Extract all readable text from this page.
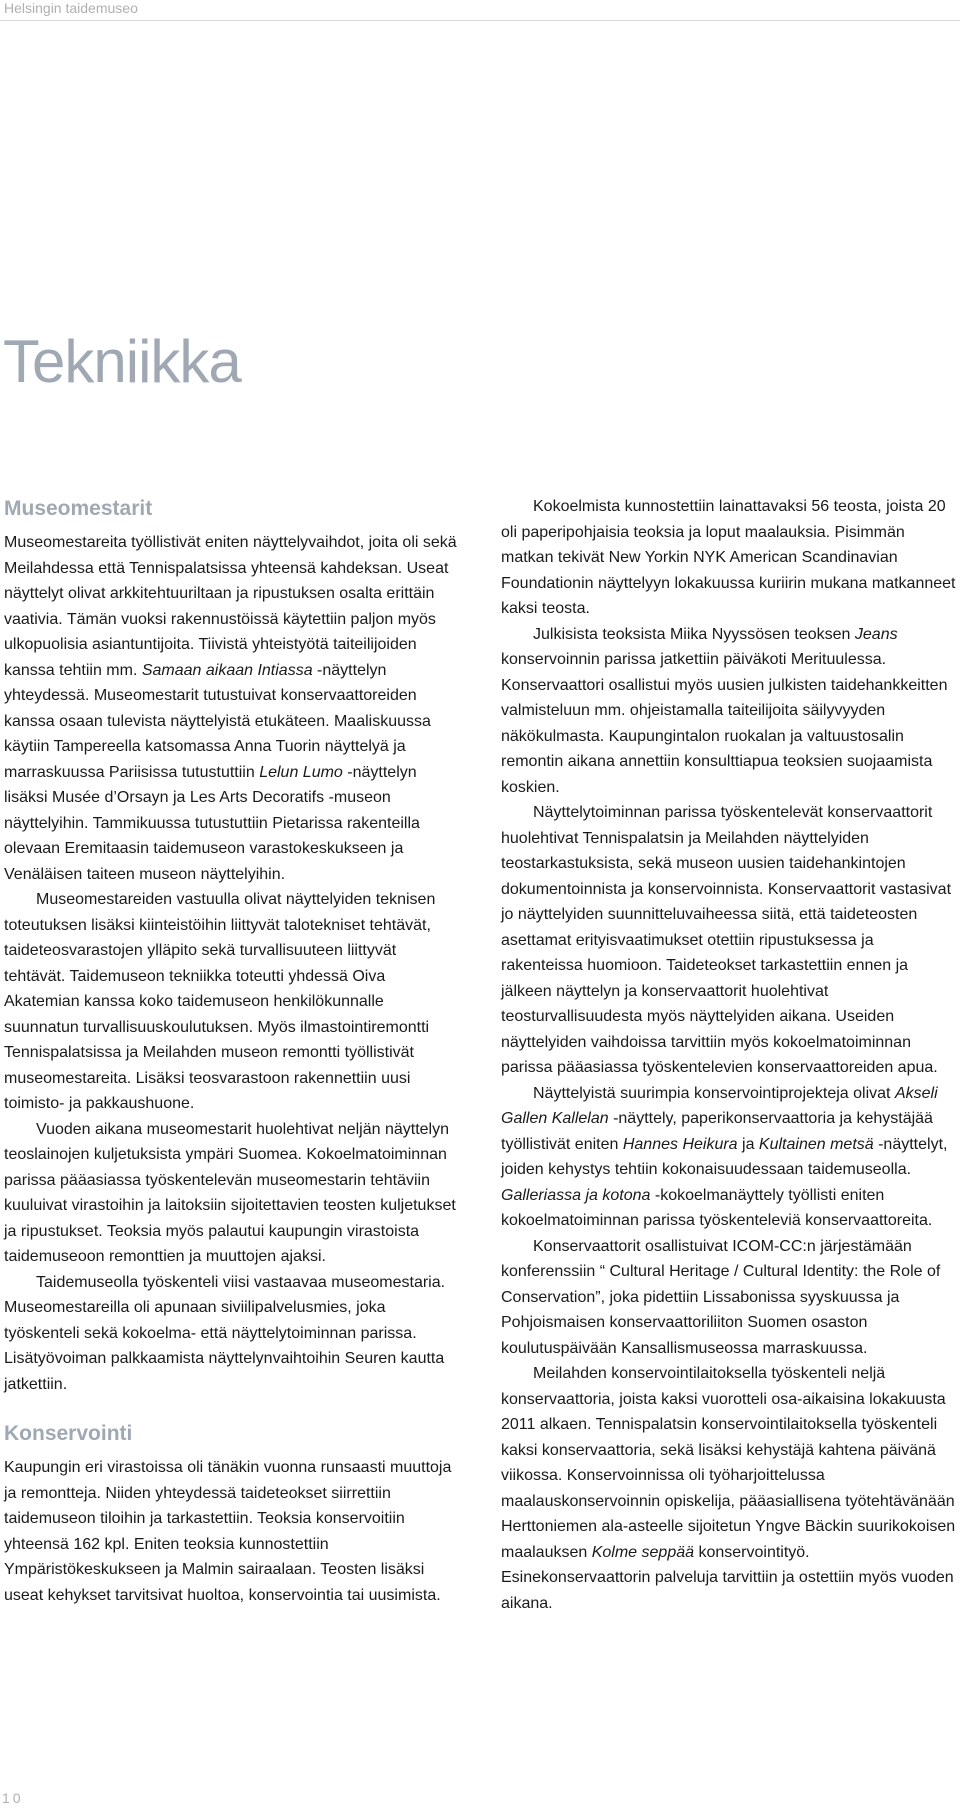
Helsingin taidemuseo
Tekniikka
Museomestarit

Museomestareita työllistivät eniten näyttelyvaihdot, joita oli sekä Meilahdessa että Tennispalatsissa yhteensä kahdeksan. Useat näyttelyt olivat arkkitehtuuriltaan ja ripustuksen osalta erittäin vaativia. Tämän vuoksi rakennustöissä käytettiin paljon myös ulkopuolisia asiantuntijoita. Tiivistä yhteistyötä taiteilijoiden kanssa tehtiin mm. Samaan aikaan Intiassa -näyttelyn yhteydessä. Museomestarit tutustuivat konservaattoreiden kanssa osaan tulevista näyttelyistä etukäteen. Maaliskuussa käytiin Tampereella katsomassa Anna Tuorin näyttelyä ja marraskuussa Pariisissa tutustuttiin Lelun Lumo -näyttelyn lisäksi Musée d’Orsayn ja Les Arts Decoratifs -museon näyttelyihin. Tammikuussa tutustuttiin Pietarissa rakenteilla olevaan Eremitaasin taidemuseon varastokeskukseen ja Venäläisen taiteen museon näyttelyihin.

Museomestareiden vastuulla olivat näyttelyiden teknisen toteutuksen lisäksi kiinteistöihin liittyvät talotekniset tehtävät, taideteosvarastojen ylläpito sekä turvallisuuteen liittyvät tehtävät. Taidemuseon tekniikka toteutti yhdessä Oiva Akatemian kanssa koko taidemuseon henkilökunnalle suunnatun turvallisuuskoulutuksen. Myös ilmastointiremontti Tennispalatsissa ja Meilahden museon remontti työllistivät museomestareita. Lisäksi teosvarastoon rakennettiin uusi toimisto- ja pakkaushuone.

Vuoden aikana museomestarit huolehtivat neljän näyttelyn teoslainojen kuljetuksista ympäri Suomea. Kokoelmatoiminnan parissa pääasiassa työskentelevän museomestarin tehtäviin kuuluivat virastoihin ja laitoksiin sijoitettavien teosten kuljetukset ja ripustukset. Teoksia myös palautui kaupungin virastoista taidemuseoon remonttien ja muuttojen ajaksi.

Taidemuseolla työskenteli viisi vastaavaa museomestaria. Museomestareilla oli apunaan siviilipalvelusmies, joka työskenteli sekä kokoelma- että näyttelytoiminnan parissa. Lisätyövoiman palkkaamista näyttelynvaihtoihin Seuren kautta jatkettiin.

Konservointi

Kaupungin eri virastoissa oli tänäkin vuonna runsaasti muuttoja ja remontteja. Niiden yhteydessä taideteokset siirrettiin taidemuseon tiloihin ja tarkastettiin. Teoksia konservoitiin yhteensä 162 kpl. Eniten teoksia kunnostettiin Ympäristökeskukseen ja Malmin sairaalaan. Teosten lisäksi useat kehykset tarvitsivat huoltoa, konservointia tai uusimista.

Kokoelmista kunnostettiin lainattavaksi 56 teosta, joista 20 oli paperipohjaisia teoksia ja loput maalauksia. Pisimmän matkan tekivät New Yorkin NYK American Scandinavian Foundationin näyttelyyn lokakuussa kuriirin mukana matkanneet kaksi teosta.

Julkisista teoksista Miika Nyyssösen teoksen Jeans konservoinnin parissa jatkettiin päiväkoti Merituulessa. Konservaattori osallistui myös uusien julkisten taidehankkeitten valmisteluun mm. ohjeistamalla taiteilijoita säilyvyyden näkökulmasta. Kaupungintalon ruokalan ja valtuustosalin remontin aikana annettiin konsulttiapua teoksien suojaamista koskien.

Näyttelytoiminnan parissa työskentelevät konservaattorit huolehtivat Tennispalatsin ja Meilahden näyttelyiden teostarkastuksista, sekä museon uusien taidehankintojen dokumentoinnista ja konservoinnista. Konservaattorit vastasivat jo näyttelyiden suunnitteluvaiheessa siitä, että taideteosten asettamat erityisvaatimukset otettiin ripustuksessa ja rakenteissa huomioon. Taideteokset tarkastettiin ennen ja jälkeen näyttelyn ja konservaattorit huolehtivat teosturvallisuudesta myös näyttelyiden aikana. Useiden näyttelyiden vaihdoissa tarvittiin myös kokoelmatoiminnan parissa pääasiassa työskentelevien konservaattoreiden apua.

Näyttelyistä suurimpia konservointiprojekteja olivat Akseli Gallen Kallelan -näyttely, paperikonservaattoria ja kehystäjää työllistivät eniten Hannes Heikura ja Kultainen metsä -näyttelyt, joiden kehystys tehtiin kokonaisuudessaan taidemuseolla. Galleriassa ja kotona -kokoelmanäyttely työllisti eniten kokoelmatoiminnan parissa työskenteleviä konservaattoreita.

Konservaattorit osallistuivat ICOM-CC:n järjestämään konferenssiin “ Cultural Heritage / Cultural Identity: the Role of Conservation”, joka pidettiin Lissabonissa syyskuussa ja Pohjoismaisen konservaattoriliiton Suomen osaston koulutuspäivään Kansallismuseossa marraskuussa.

Meilahden konservointilaitoksella työskenteli neljä konservaattoria, joista kaksi vuorotteli osa-aikaisina lokakuusta 2011 alkaen. Tennispalatsin konservointilaitoksella työskenteli kaksi konservaattoria, sekä lisäksi kehystäjä kahtena päivänä viikossa. Konservoinnissa oli työharjoittelussa maalauskonservoinnin opiskelija, pääasiallisena työtehtävänään Herttoniemen ala-asteelle sijoitetun Yngve Bäckin suurikokoisen maalauksen Kolme seppää konservointityö. Esinekonservaattorin palveluja tarvittiin ja ostettiin myös vuoden aikana.

10
